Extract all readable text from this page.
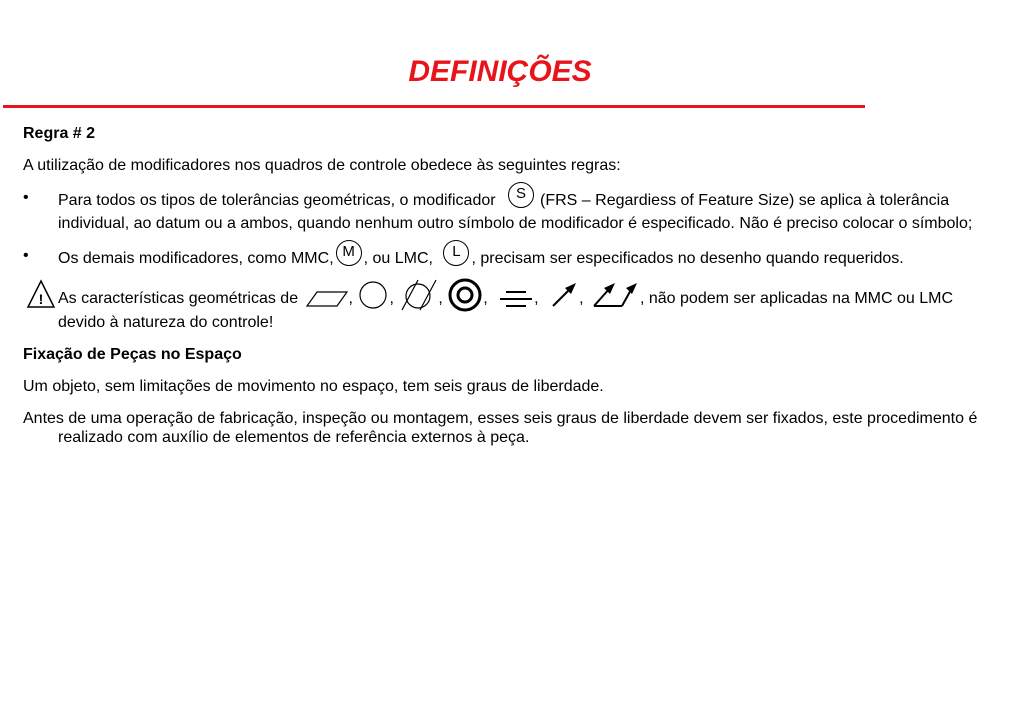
DEFINIÇÕES

Regra # 2

A utilização de modificadores nos quadros de controle obedece às seguintes regras:

• Para todos os tipos de tolerâncias geométricas, o modificador S (FRS – Regardiess of Feature Size) se aplica à tolerância individual, ao datum ou a ambos, quando nenhum outro símbolo de modificador é especificado. Não é preciso colocar o símbolo;
• Os demais modificadores, como MMC, M , ou LMC, L , precisam ser especificados no desenho quando requeridos.
! As características geométricas de	, ,	,	,	,	,	, não podem ser aplicadas na MMC ou LMC devido à natureza do controle!

Fixação de Peças no Espaço

Um objeto, sem limitações de movimento no espaço, tem seis graus de liberdade.

Antes de uma operação de fabricação, inspeção ou montagem, esses seis graus de liberdade devem ser fixados, este procedimento é realizado com auxílio de elementos de referência externos à peça.
